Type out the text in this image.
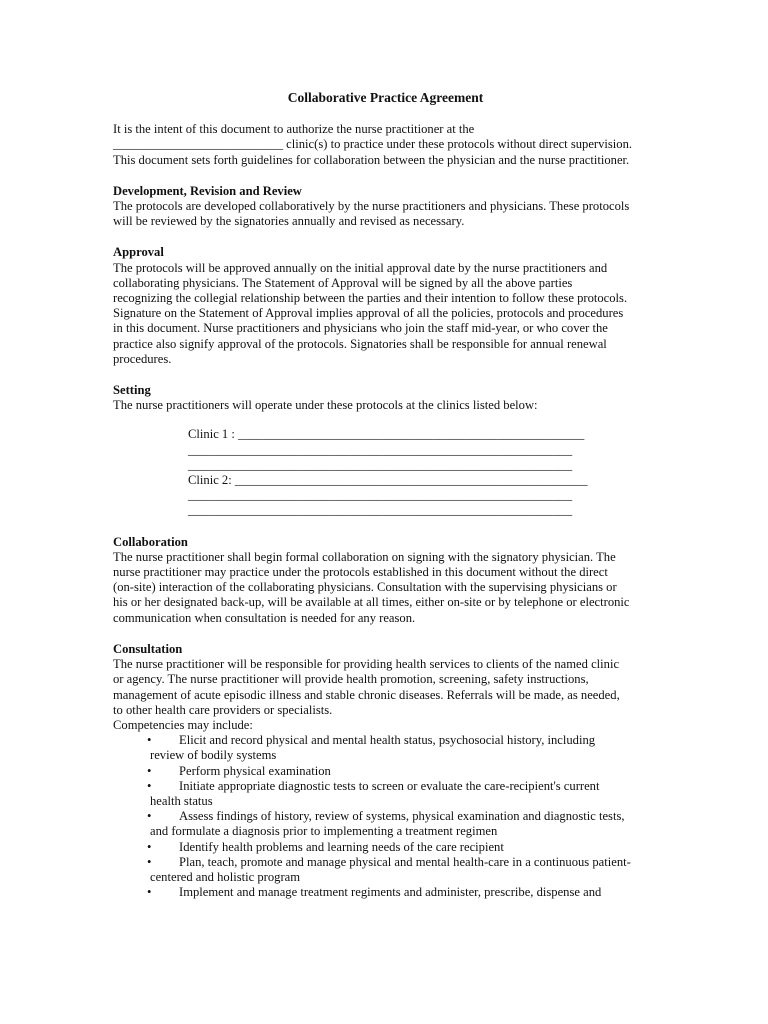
Collaborative Practice Agreement

It is the intent of this document to authorize the nurse practitioner at the
___________________________ clinic(s) to practice under these protocols without direct supervision.
This document sets forth guidelines for collaboration between the physician and the nurse practitioner.

Development, Revision and Review

The protocols are developed collaboratively by the nurse practitioners and physicians. These protocols
will be reviewed by the signatories annually and revised as necessary.

Approval

The protocols will be approved annually on the initial approval date by the nurse practitioners and
collaborating physicians. The Statement of Approval will be signed by all the above parties
recognizing the collegial relationship between the parties and their intention to follow these protocols.
Signature on the Statement of Approval implies approval of all the policies, protocols and procedures
in this document. Nurse practitioners and physicians who join the staff mid-year, or who cover the
practice also signify approval of the protocols. Signatories shall be responsible for annual renewal
procedures.

Setting

The nurse practitioners will operate under these protocols at the clinics listed below:

Clinic 1 : _______________________________________________________
_____________________________________________________________
_____________________________________________________________
Clinic 2: ________________________________________________________
_____________________________________________________________
_____________________________________________________________
Collaboration

The nurse practitioner shall begin formal collaboration on signing with the signatory physician. The
nurse practitioner may practice under the protocols established in this document without the direct
(on-site) interaction of the collaborating physicians. Consultation with the supervising physicians or
his or her designated back-up, will be available at all times, either on-site or by telephone or electronic
communication when consultation is needed for any reason.

Consultation

The nurse practitioner will be responsible for providing health services to clients of the named clinic
or agency. The nurse practitioner will provide health promotion, screening, safety instructions,
management of acute episodic illness and stable chronic diseases. Referrals will be made, as needed,
to other health care providers or specialists.
Competencies may include:

• Elicit and record physical and mental health status, psychosocial history, including
review of bodily systems
• Perform physical examination
• Initiate appropriate diagnostic tests to screen or evaluate the care-recipient's current
health status
• Assess findings of history, review of systems, physical examination and diagnostic tests,
and formulate a diagnosis prior to implementing a treatment regimen
• Identify health problems and learning needs of the care recipient
• Plan, teach, promote and manage physical and mental health-care in a continuous patient-
centered and holistic program
• Implement and manage treatment regiments and administer, prescribe, dispense and
